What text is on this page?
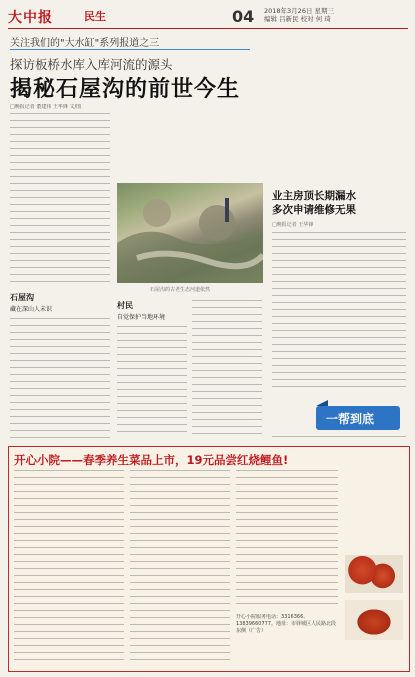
大中报	民生	04 2018年3月26日 星期三
编辑 吕新民 校对 何 琦
关注我们的"大水缸"系列报道之三
探访板桥水库入库河流的源头
揭秘石屋沟的前世今生
□晚报记者 董建伟 王华锋 文/图
石屋沟
藏在深山人未识
石屋沟的古老生态河道依然
村民
自觉保护当地环境
业主房顶长期漏水
多次申请维修无果
□晚报记者 王华锋
一帮到底
开心小院——春季养生菜品上市，19元品尝红烧鲤鱼!
开心小院服务电话：3316366、13839660777。地址：市驿城区人民路北段东侧（广告）
